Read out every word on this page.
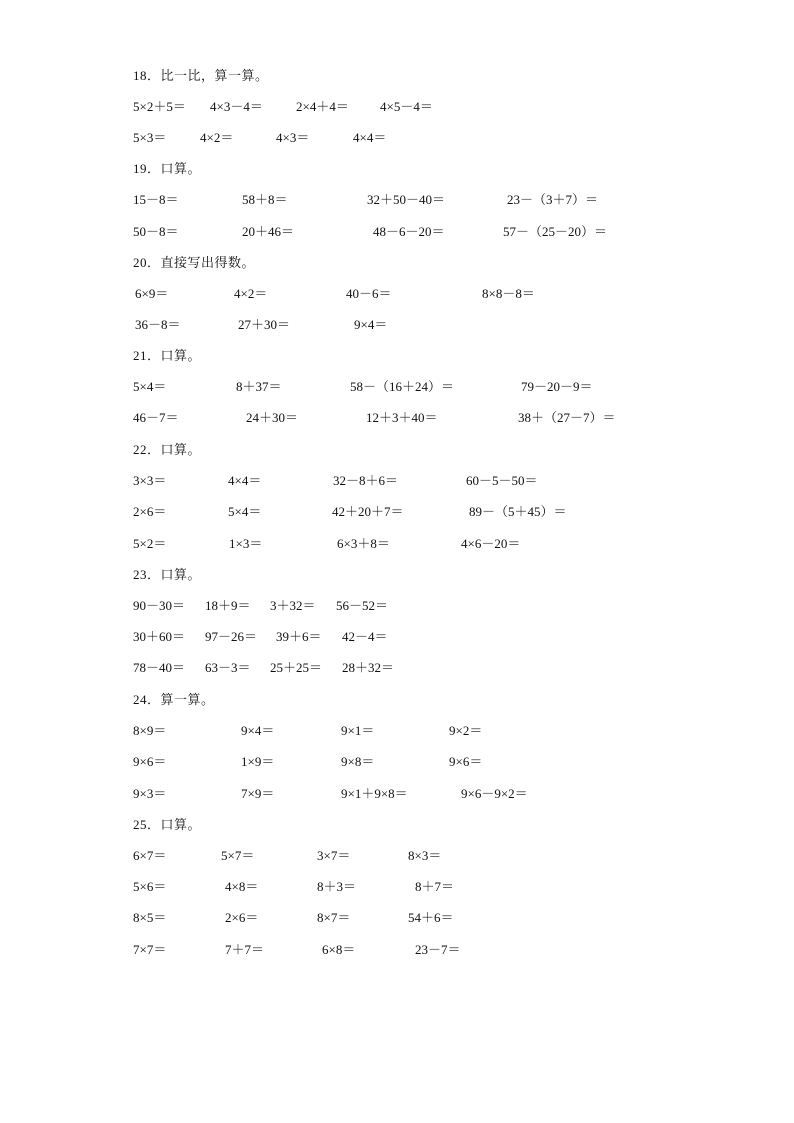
18．比一比，算一算。
5×2＋5＝ 4×3－4＝	2×4＋4＝ 4×5－4＝
5×3＝	4×2＝	4×3＝	4×4＝
19．口算。
15－8＝	58＋8＝	32＋50－40＝	23－（3＋7）＝
50－8＝	20＋46＝	48－6－20＝	57－（25－20）＝
20．直接写出得数。
6×9＝	4×2＝	40－6＝	8×8－8＝
36－8＝	27＋30＝	9×4＝
21．口算。
5×4＝	8＋37＝	58－（16＋24）＝	79－20－9＝
46－7＝	24＋30＝	12＋3＋40＝	38＋（27－7）＝
22．口算。
3×3＝	4×4＝	32－8＋6＝	60－5－50＝
2×6＝	5×4＝	42＋20＋7＝	89－（5＋45）＝
5×2＝	1×3＝	6×3＋8＝	4×6－20＝
23．口算。
90－30＝ 18＋9＝ 3＋32＝ 56－52＝
30＋60＝ 97－26＝ 39＋6＝ 42－4＝
78－40＝ 63－3＝ 25＋25＝ 28＋32＝
24．算一算。
8×9＝	9×4＝	9×1＝	9×2＝
9×6＝	1×9＝	9×8＝	9×6＝
9×3＝	7×9＝	9×1＋9×8＝	9×6－9×2＝
25．口算。
6×7＝	5×7＝	3×7＝	8×3＝
5×6＝	4×8＝	8＋3＝	8＋7＝
8×5＝	2×6＝	8×7＝	54＋6＝
7×7＝	7＋7＝	6×8＝	23－7＝
